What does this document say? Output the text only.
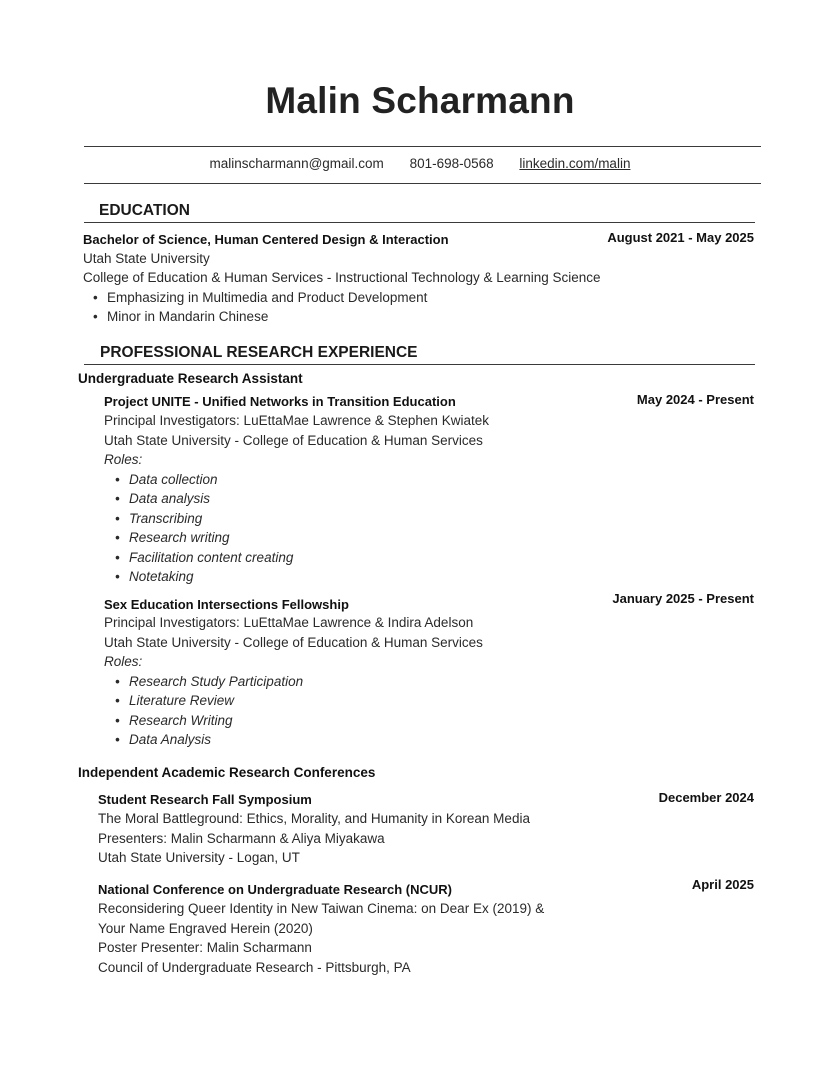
Malin Scharmann
malinscharmann@gmail.com 801-698-0568 linkedin.com/malin
EDUCATION
Bachelor of Science, Human Centered Design & Interaction	August 2021 - May 2025
Utah State University
College of Education & Human Services - Instructional Technology & Learning Science
• Emphasizing in Multimedia and Product Development
• Minor in Mandarin Chinese
PROFESSIONAL RESEARCH EXPERIENCE
Undergraduate Research Assistant
Project UNITE - Unified Networks in Transition Education	May 2024 - Present
Principal Investigators: LuEttaMae Lawrence & Stephen Kwiatek
Utah State University - College of Education & Human Services
Roles:
• Data collection
• Data analysis
• Transcribing
• Research writing
• Facilitation content creating
• Notetaking
Sex Education Intersections Fellowship	January 2025 - Present
Principal Investigators: LuEttaMae Lawrence & Indira Adelson
Utah State University - College of Education & Human Services
Roles:
• Research Study Participation
• Literature Review
• Research Writing
• Data Analysis
Independent Academic Research Conferences
Student Research Fall Symposium	December 2024
The Moral Battleground: Ethics, Morality, and Humanity in Korean Media
Presenters: Malin Scharmann & Aliya Miyakawa
Utah State University - Logan, UT
National Conference on Undergraduate Research (NCUR)	April 2025
Reconsidering Queer Identity in New Taiwan Cinema: on Dear Ex (2019) &
Your Name Engraved Herein (2020)
Poster Presenter: Malin Scharmann
Council of Undergraduate Research - Pittsburgh, PA
